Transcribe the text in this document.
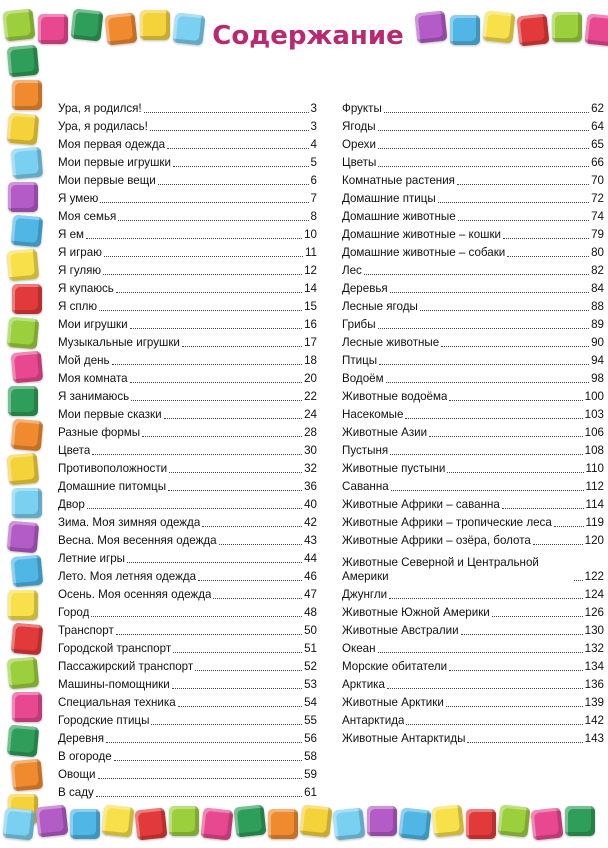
Содержание
Ура, я родился!	3
Ура, я родилась!	3
Моя первая одежда	4
Мои первые игрушки	5
Мои первые вещи	6
Я умею	7
Моя семья	8
Я ем	10
Я играю	11
Я гуляю	12
Я купаюсь	14
Я сплю	15
Мои игрушки	16
Музыкальные игрушки	17
Мой день	18
Моя комната	20
Я занимаюсь	22
Мои первые сказки	24
Разные формы	28
Цвета	30
Противоположности	32
Домашние питомцы	36
Двор	40
Зима. Моя зимняя одежда	42
Весна. Моя весенняя одежда	43
Летние игры	44
Лето. Моя летняя одежда	46
Осень. Моя осенняя одежда	47
Город	48
Транспорт	50
Городской транспорт	51
Пассажирский транспорт	52
Машины-помощники	53
Специальная техника	54
Городские птицы	55
Деревня	56
В огороде	58
Овощи	59
В саду	61
Фрукты	62
Ягоды	64
Орехи	65
Цветы	66
Комнатные растения	70
Домашние птицы	72
Домашние животные	74
Домашние животные – кошки	79
Домашние животные – собаки	80
Лес	82
Деревья	84
Лесные ягоды	88
Грибы	89
Лесные животные	90
Птицы	94
Водоём	98
Животные водоёма	100
Насекомые	103
Животные Азии	106
Пустыня	108
Животные пустыни	110
Саванна	112
Животные Африки – саванна	114
Животные Африки – тропические леса	119
Животные Африки – озёра, болота	120
Животные Северной и Центральной Америки	122
Джунгли	124
Животные Южной Америки	126
Животные Австралии	130
Океан	132
Морские обитатели	134
Арктика	136
Животные Арктики	139
Антарктида	142
Животные Антарктиды	143
